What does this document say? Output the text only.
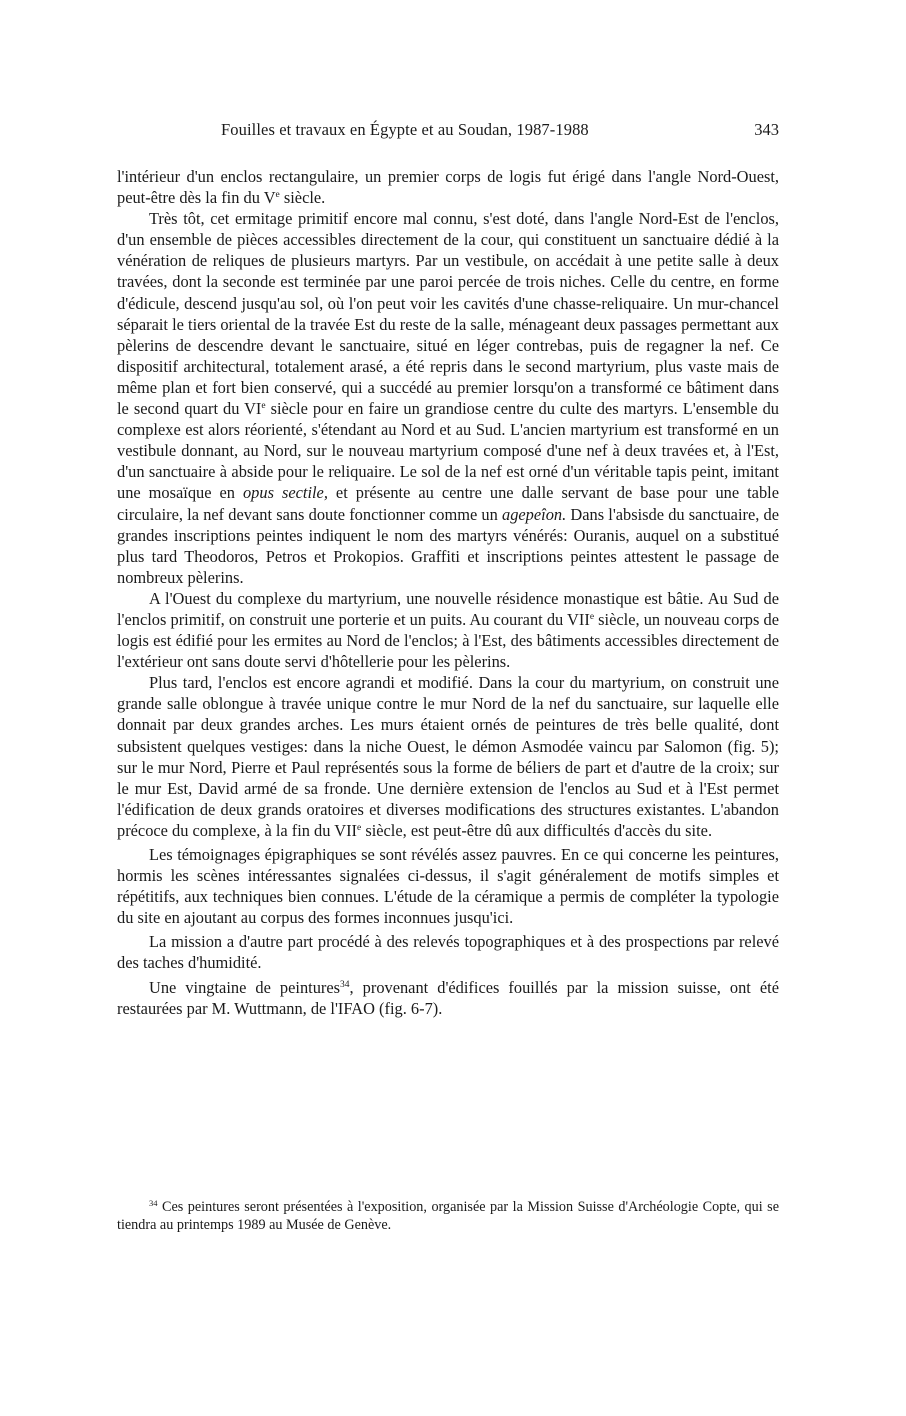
Fouilles et travaux en Égypte et au Soudan, 1987-1988	343

l'intérieur d'un enclos rectangulaire, un premier corps de logis fut érigé dans l'angle Nord-Ouest, peut-être dès la fin du Ve siècle.

Très tôt, cet ermitage primitif encore mal connu, s'est doté, dans l'angle Nord-Est de l'enclos, d'un ensemble de pièces accessibles directement de la cour, qui constituent un sanctuaire dédié à la vénération de reliques de plusieurs martyrs. Par un vestibule, on accédait à une petite salle à deux travées, dont la seconde est terminée par une paroi percée de trois niches. Celle du centre, en forme d'édicule, descend jusqu'au sol, où l'on peut voir les cavités d'une chasse-reliquaire. Un mur-chancel séparait le tiers oriental de la travée Est du reste de la salle, ménageant deux passages permettant aux pèlerins de descendre devant le sanctuaire, situé en léger contrebas, puis de regagner la nef. Ce dispositif architectural, totalement arasé, a été repris dans le second martyrium, plus vaste mais de même plan et fort bien conservé, qui a succédé au premier lorsqu'on a transformé ce bâtiment dans le second quart du VIe siècle pour en faire un grandiose centre du culte des martyrs. L'ensemble du complexe est alors réorienté, s'étendant au Nord et au Sud. L'ancien martyrium est transformé en un vestibule donnant, au Nord, sur le nouveau martyrium composé d'une nef à deux travées et, à l'Est, d'un sanctuaire à abside pour le reliquaire. Le sol de la nef est orné d'un véritable tapis peint, imitant une mosaïque en opus sectile, et présente au centre une dalle servant de base pour une table circulaire, la nef devant sans doute fonctionner comme un agepeîon. Dans l'absisde du sanctuaire, de grandes inscriptions peintes indiquent le nom des martyrs vénérés: Ouranis, auquel on a substitué plus tard Theodoros, Petros et Prokopios. Graffiti et inscriptions peintes attestent le passage de nombreux pèlerins.

A l'Ouest du complexe du martyrium, une nouvelle résidence monastique est bâtie. Au Sud de l'enclos primitif, on construit une porterie et un puits. Au courant du VIIe siècle, un nouveau corps de logis est édifié pour les ermites au Nord de l'enclos; à l'Est, des bâtiments accessibles directement de l'extérieur ont sans doute servi d'hôtellerie pour les pèlerins.

Plus tard, l'enclos est encore agrandi et modifié. Dans la cour du martyrium, on construit une grande salle oblongue à travée unique contre le mur Nord de la nef du sanctuaire, sur laquelle elle donnait par deux grandes arches. Les murs étaient ornés de peintures de très belle qualité, dont subsistent quelques vestiges: dans la niche Ouest, le démon Asmodée vaincu par Salomon (fig. 5); sur le mur Nord, Pierre et Paul représentés sous la forme de béliers de part et d'autre de la croix; sur le mur Est, David armé de sa fronde. Une dernière extension de l'enclos au Sud et à l'Est permet l'édification de deux grands oratoires et diverses modifications des structures existantes. L'abandon précoce du complexe, à la fin du VIIe siècle, est peut-être dû aux difficultés d'accès du site.

Les témoignages épigraphiques se sont révélés assez pauvres. En ce qui concerne les peintures, hormis les scènes intéressantes signalées ci-dessus, il s'agit généralement de motifs simples et répétitifs, aux techniques bien connues. L'étude de la céramique a permis de compléter la typologie du site en ajoutant au corpus des formes inconnues jusqu'ici.

La mission a d'autre part procédé à des relevés topographiques et à des prospections par relevé des taches d'humidité.

Une vingtaine de peintures$^{34}$, provenant d'édifices fouillés par la mission suisse, ont été restaurées par M. Wuttmann, de l'IFAO (fig. 6-7).

$^{34}$ Ces peintures seront présentées à l'exposition, organisée par la Mission Suisse d'Archéologie Copte, qui se tiendra au printemps 1989 au Musée de Genève.
